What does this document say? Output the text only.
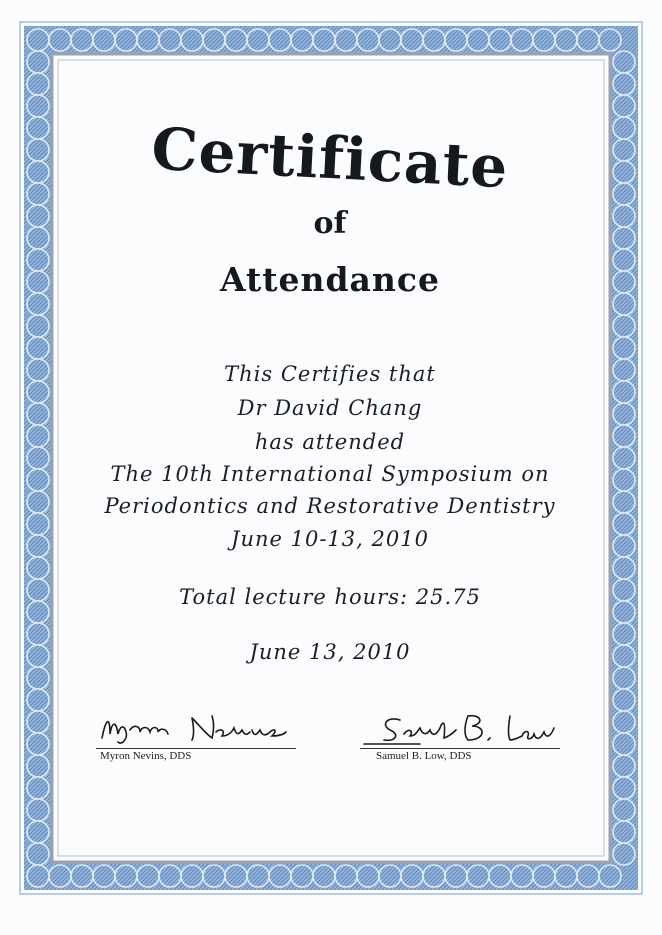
Certificate
of
Attendance
This Certifies that
Dr David Chang
has attended
The 10th International Symposium on
Periodontics and Restorative Dentistry
June 10-13, 2010
Total lecture hours: 25.75
June 13, 2010
Myron Nevins, DDS	Samuel B. Low, DDS
